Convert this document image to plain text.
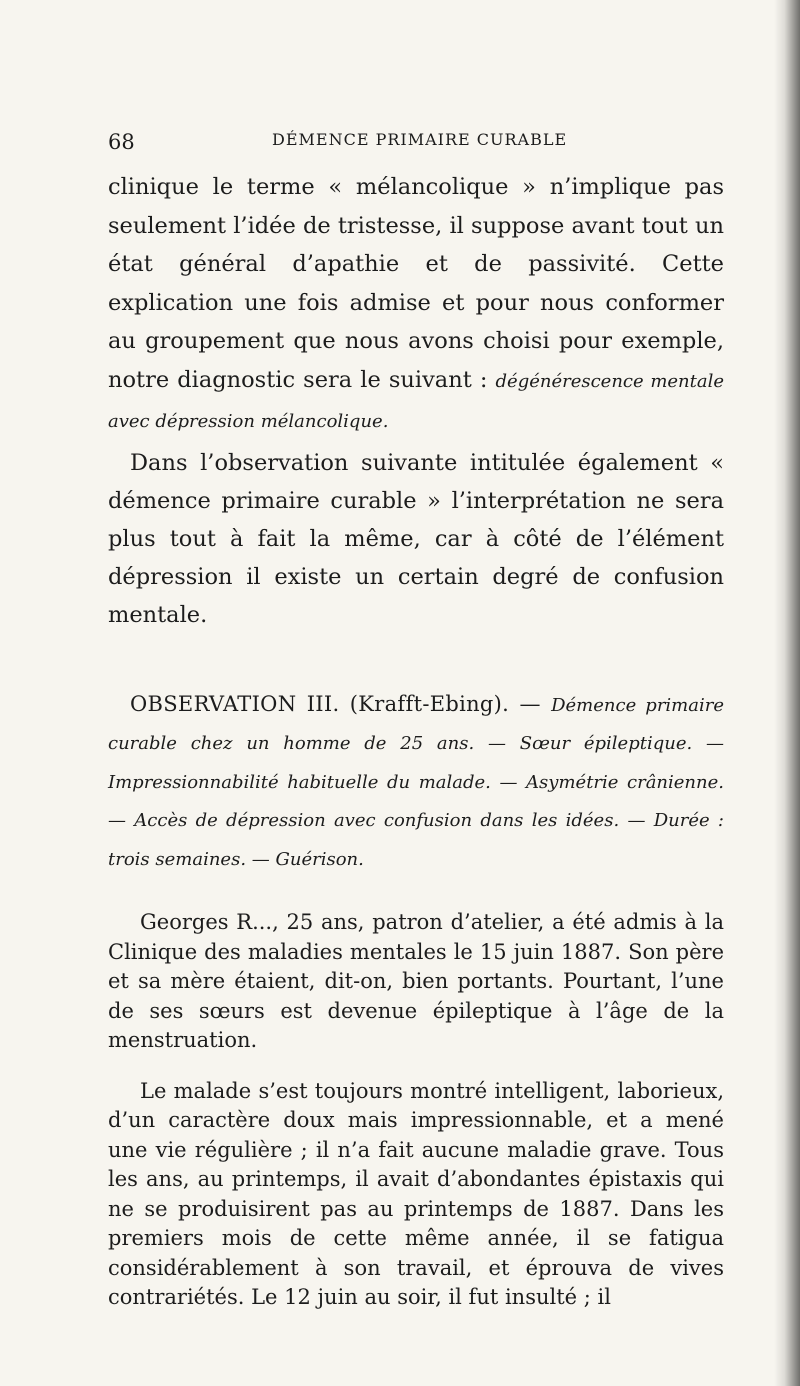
68	DÉMENCE PRIMAIRE CURABLE

clinique le terme « mélancolique » n’implique pas seulement l’idée de tristesse, il suppose avant tout un état général d’apathie et de passivité. Cette explication une fois admise et pour nous conformer au groupement que nous avons choisi pour exemple, notre diagnostic sera le suivant : dégénérescence mentale avec dépression mélancolique.

Dans l’observation suivante intitulée également « démence primaire curable » l’interprétation ne sera plus tout à fait la même, car à côté de l’élément dépression il existe un certain degré de confusion mentale.

OBSERVATION III. (Krafft-Ebing). — Démence primaire curable chez un homme de 25 ans. — Sœur épileptique. — Impressionnabilité habituelle du malade. — Asymétrie crânienne. — Accès de dépression avec confusion dans les idées. — Durée : trois semaines. — Guérison.

Georges R..., 25 ans, patron d’atelier, a été admis à la Clinique des maladies mentales le 15 juin 1887. Son père et sa mère étaient, dit-on, bien portants. Pourtant, l’une de ses sœurs est devenue épileptique à l’âge de la menstruation.

Le malade s’est toujours montré intelligent, laborieux, d’un caractère doux mais impressionnable, et a mené une vie régulière ; il n’a fait aucune maladie grave. Tous les ans, au printemps, il avait d’abondantes épistaxis qui ne se produisirent pas au printemps de 1887. Dans les premiers mois de cette même année, il se fatigua considérablement à son travail, et éprouva de vives contrariétés. Le 12 juin au soir, il fut insulté ; il
